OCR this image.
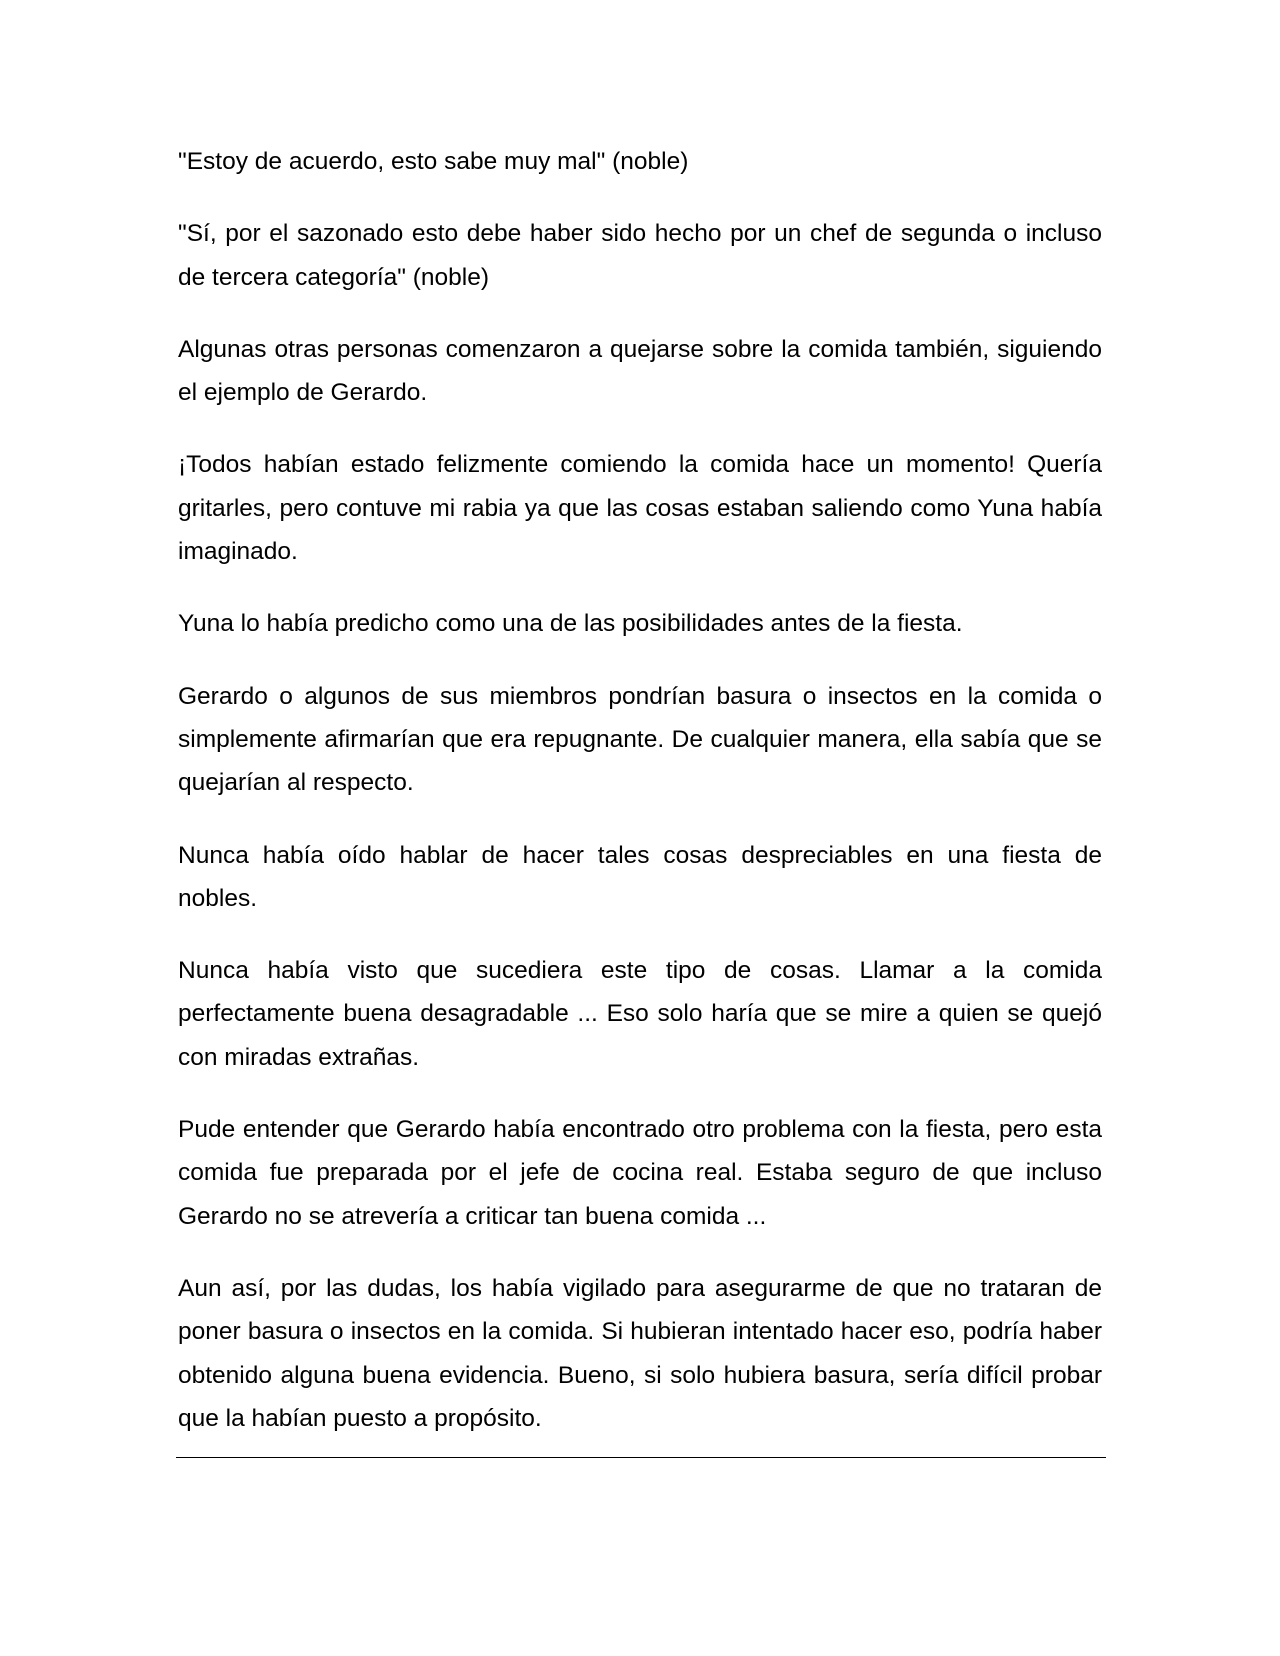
"Estoy de acuerdo, esto sabe muy mal" (noble)

"Sí, por el sazonado esto debe haber sido hecho por un chef de segunda o incluso de tercera categoría" (noble)

Algunas otras personas comenzaron a quejarse sobre la comida también, siguiendo el ejemplo de Gerardo.

¡Todos habían estado felizmente comiendo la comida hace un momento! Quería gritarles, pero contuve mi rabia ya que las cosas estaban saliendo como Yuna había imaginado.

Yuna lo había predicho como una de las posibilidades antes de la fiesta.

Gerardo o algunos de sus miembros pondrían basura o insectos en la comida o simplemente afirmarían que era repugnante. De cualquier manera, ella sabía que se quejarían al respecto.

Nunca había oído hablar de hacer tales cosas despreciables en una fiesta de nobles.

Nunca había visto que sucediera este tipo de cosas. Llamar a la comida perfectamente buena desagradable ... Eso solo haría que se mire a quien se quejó con miradas extrañas.

Pude entender que Gerardo había encontrado otro problema con la fiesta, pero esta comida fue preparada por el jefe de cocina real. Estaba seguro de que incluso Gerardo no se atrevería a criticar tan buena comida ...

Aun así, por las dudas, los había vigilado para asegurarme de que no trataran de poner basura o insectos en la comida. Si hubieran intentado hacer eso, podría haber obtenido alguna buena evidencia. Bueno, si solo hubiera basura, sería difícil probar que la habían puesto a propósito.
